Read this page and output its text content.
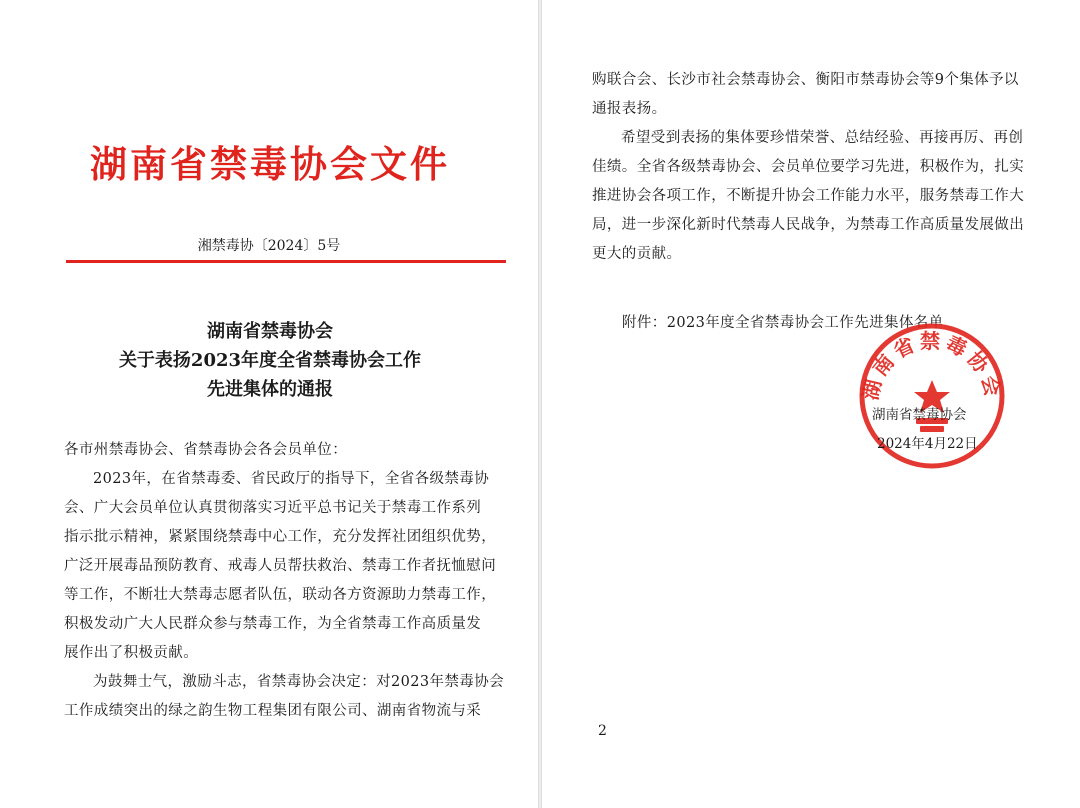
湖南省禁毒协会文件
湘禁毒协〔2024〕5号
湖南省禁毒协会
关于表扬2023年度全省禁毒协会工作
先进集体的通报

各市州禁毒协会、省禁毒协会各会员单位：

2023年，在省禁毒委、省民政厅的指导下，全省各级禁毒协

会、广大会员单位认真贯彻落实习近平总书记关于禁毒工作系列

指示批示精神，紧紧围绕禁毒中心工作，充分发挥社团组织优势，

广泛开展毒品预防教育、戒毒人员帮扶救治、禁毒工作者抚恤慰问

等工作，不断壮大禁毒志愿者队伍，联动各方资源助力禁毒工作，

积极发动广大人民群众参与禁毒工作，为全省禁毒工作高质量发

展作出了积极贡献。

为鼓舞士气，激励斗志，省禁毒协会决定：对2023年禁毒协会

工作成绩突出的绿之韵生物工程集团有限公司、湖南省物流与采

购联合会、长沙市社会禁毒协会、衡阳市禁毒协会等9个集体予以

通报表扬。

希望受到表扬的集体要珍惜荣誉、总结经验、再接再厉、再创

佳绩。全省各级禁毒协会、会员单位要学习先进，积极作为，扎实

推进协会各项工作，不断提升协会工作能力水平，服务禁毒工作大

局，进一步深化新时代禁毒人民战争，为禁毒工作高质量发展做出

更大的贡献。

附件：2023年度全省禁毒协会工作先进集体名单
湖南省禁毒协会
湖南省禁毒协会
2024年4月22日
2
